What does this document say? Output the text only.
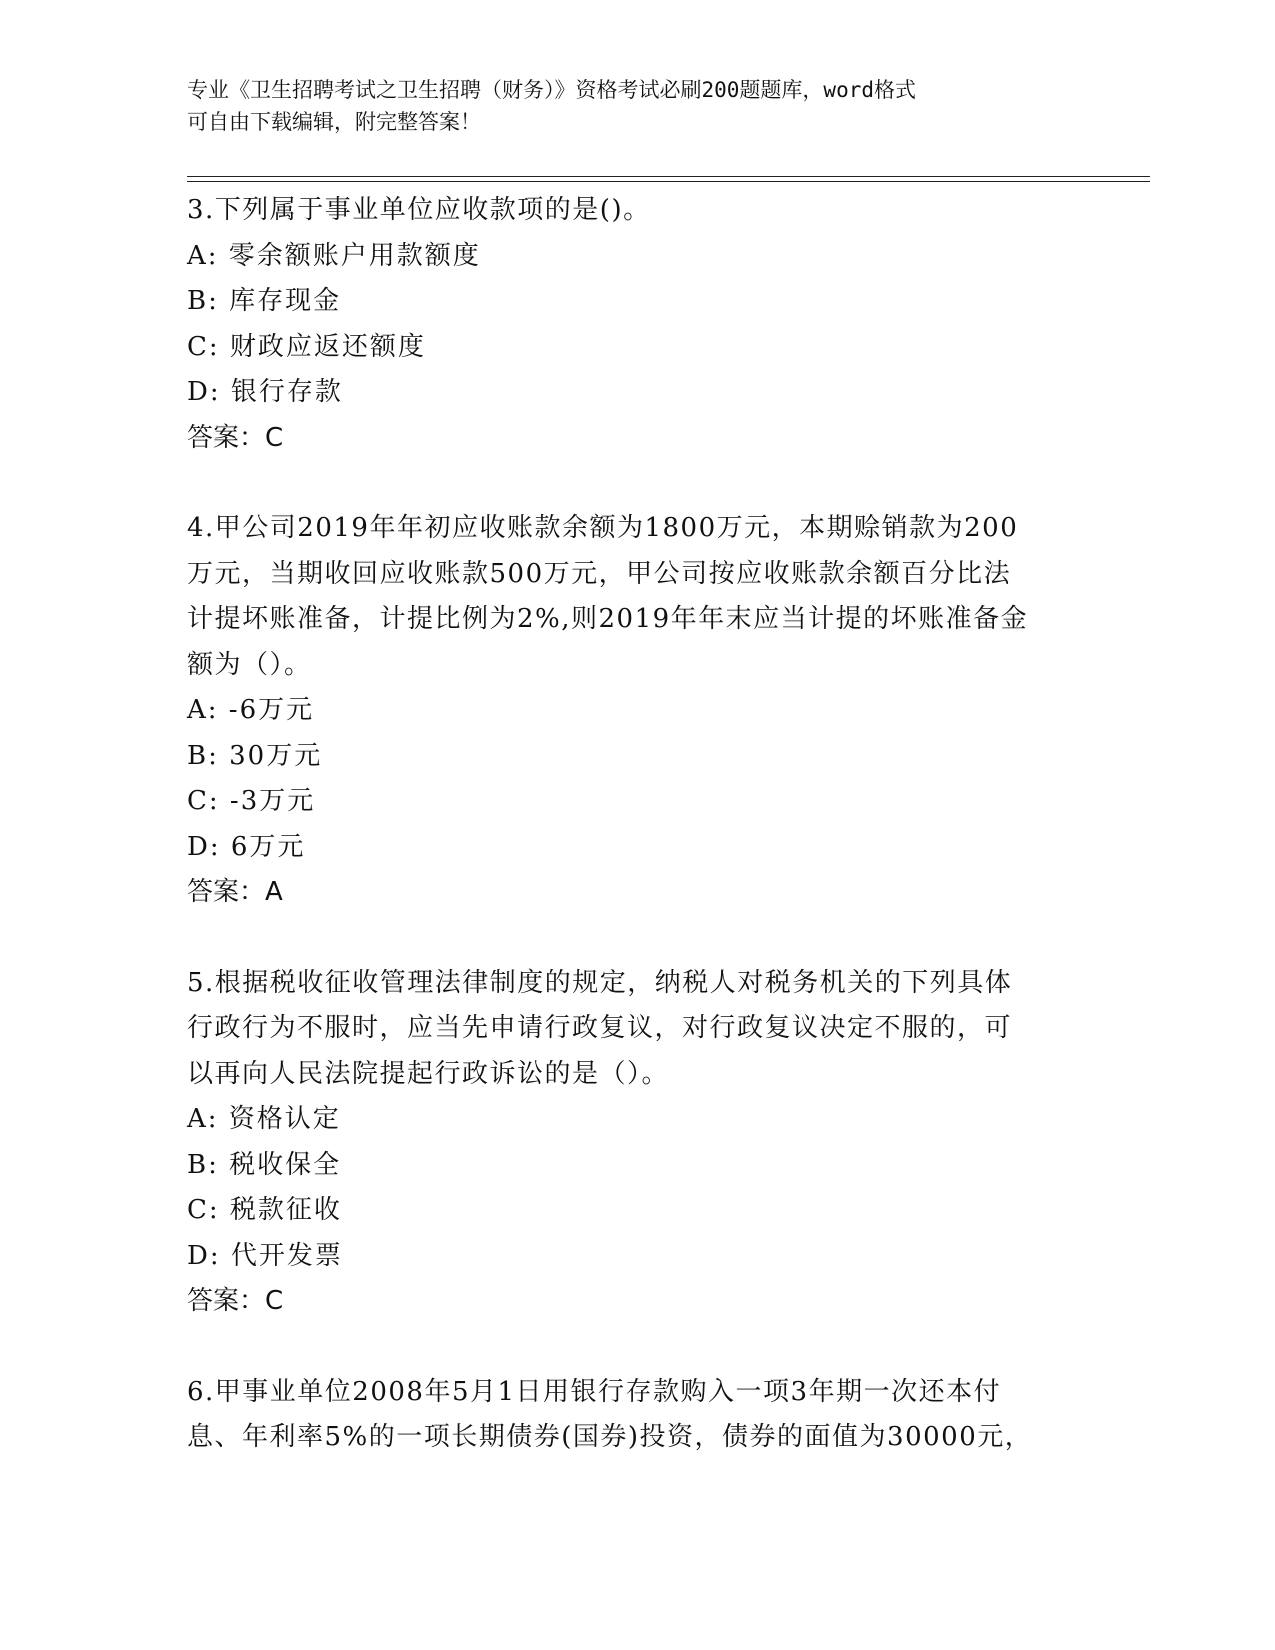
专业《卫生招聘考试之卫生招聘（财务）》资格考试必刷200题题库，word格式
可自由下载编辑，附完整答案！
3.下列属于事业单位应收款项的是()。
A: 零余额账户用款额度
B: 库存现金
C: 财政应返还额度
D: 银行存款
答案：C
4.甲公司2019年年初应收账款余额为1800万元，本期赊销款为200
万元，当期收回应收账款500万元，甲公司按应收账款余额百分比法
计提坏账准备，计提比例为2%,则2019年年末应当计提的坏账准备金
额为（）。
A: -6万元
B: 30万元
C: -3万元
D: 6万元
答案：A
5.根据税收征收管理法律制度的规定，纳税人对税务机关的下列具体
行政行为不服时，应当先申请行政复议，对行政复议决定不服的，可
以再向人民法院提起行政诉讼的是（）。
A: 资格认定
B: 税收保全
C: 税款征收
D: 代开发票
答案：C
6.甲事业单位2008年5月1日用银行存款购入一项3年期一次还本付
息、年利率5%的一项长期债券(国券)投资，债券的面值为30000元，
